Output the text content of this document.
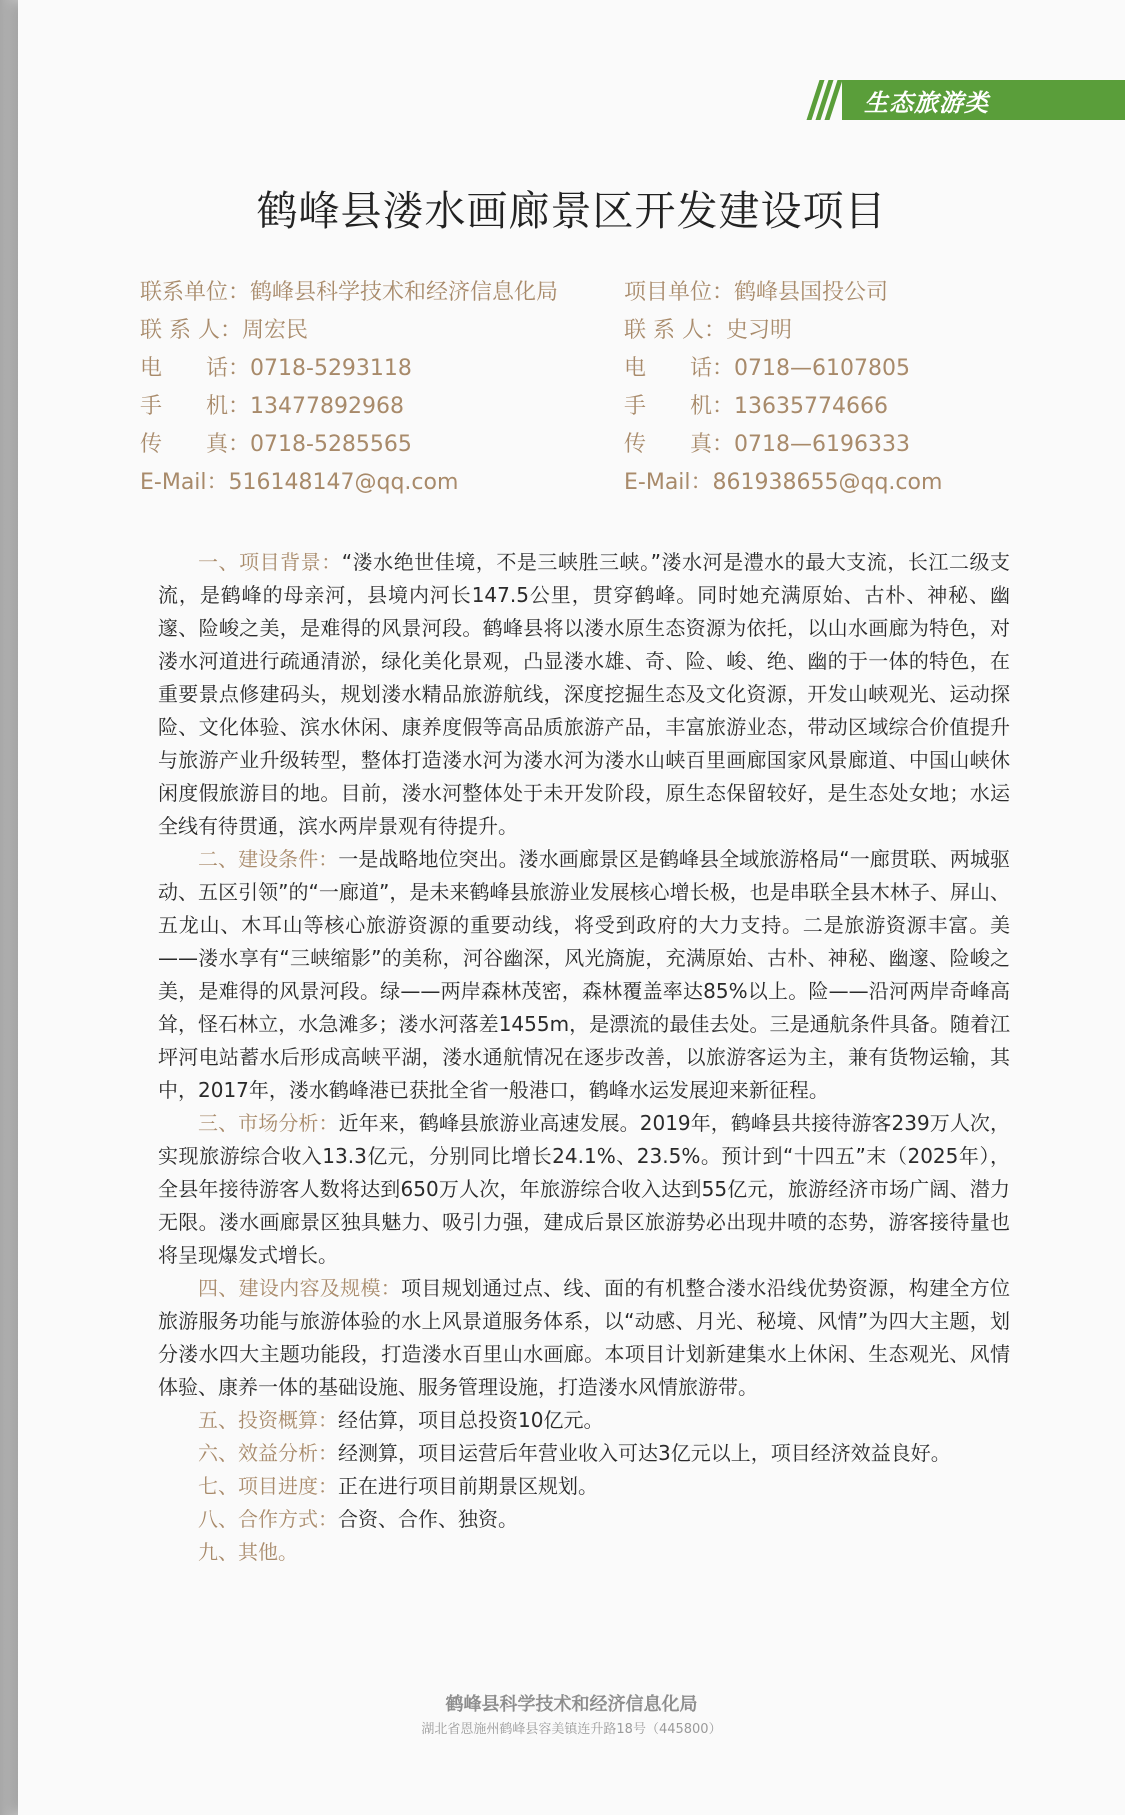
生态旅游类
鹤峰县溇水画廊景区开发建设项目
联系单位：鹤峰县科学技术和经济信息化局	项目单位：鹤峰县国投公司
联 系 人：周宏民	联 系 人：史习明
电　　话：0718-5293118	电　　话：0718—6107805
手　　机：13477892968	手　　机：13635774666
传　　真：0718-5285565	传　　真：0718—6196333
E-Mail：516148147@qq.com	E-Mail：861938655@qq.com

一、项目背景：“溇水绝世佳境，不是三峡胜三峡。”溇水河是澧水的最大支流，长江二级支流，是鹤峰的母亲河，县境内河长147.5公里，贯穿鹤峰。同时她充满原始、古朴、神秘、幽邃、险峻之美，是难得的风景河段。鹤峰县将以溇水原生态资源为依托，以山水画廊为特色，对溇水河道进行疏通清淤，绿化美化景观，凸显溇水雄、奇、险、峻、绝、幽的于一体的特色，在重要景点修建码头，规划溇水精品旅游航线，深度挖掘生态及文化资源，开发山峡观光、运动探险、文化体验、滨水休闲、康养度假等高品质旅游产品，丰富旅游业态，带动区域综合价值提升与旅游产业升级转型，整体打造溇水河为溇水河为溇水山峡百里画廊国家风景廊道、中国山峡休闲度假旅游目的地。目前，溇水河整体处于未开发阶段，原生态保留较好，是生态处女地；水运全线有待贯通，滨水两岸景观有待提升。

二、建设条件：一是战略地位突出。溇水画廊景区是鹤峰县全域旅游格局“一廊贯联、两城驱动、五区引领”的“一廊道”，是未来鹤峰县旅游业发展核心增长极，也是串联全县木林子、屏山、五龙山、木耳山等核心旅游资源的重要动线，将受到政府的大力支持。二是旅游资源丰富。美——溇水享有“三峡缩影”的美称，河谷幽深，风光旖旎，充满原始、古朴、神秘、幽邃、险峻之美，是难得的风景河段。绿——两岸森林茂密，森林覆盖率达85%以上。险——沿河两岸奇峰高耸，怪石林立，水急滩多；溇水河落差1455m，是漂流的最佳去处。三是通航条件具备。随着江坪河电站蓄水后形成高峡平湖，溇水通航情况在逐步改善，以旅游客运为主，兼有货物运输，其中，2017年，溇水鹤峰港已获批全省一般港口，鹤峰水运发展迎来新征程。

三、市场分析：近年来，鹤峰县旅游业高速发展。2019年，鹤峰县共接待游客239万人次，实现旅游综合收入13.3亿元，分别同比增长24.1%、23.5%。预计到“十四五”末（2025年），全县年接待游客人数将达到650万人次，年旅游综合收入达到55亿元，旅游经济市场广阔、潜力无限。溇水画廊景区独具魅力、吸引力强，建成后景区旅游势必出现井喷的态势，游客接待量也将呈现爆发式增长。

四、建设内容及规模：项目规划通过点、线、面的有机整合溇水沿线优势资源，构建全方位旅游服务功能与旅游体验的水上风景道服务体系，以“动感、月光、秘境、风情”为四大主题，划分溇水四大主题功能段，打造溇水百里山水画廊。本项目计划新建集水上休闲、生态观光、风情体验、康养一体的基础设施、服务管理设施，打造溇水风情旅游带。

五、投资概算：经估算，项目总投资10亿元。

六、效益分析：经测算，项目运营后年营业收入可达3亿元以上，项目经济效益良好。

七、项目进度：正在进行项目前期景区规划。

八、合作方式：合资、合作、独资。

九、其他。

鹤峰县科学技术和经济信息化局
湖北省恩施州鹤峰县容美镇连升路18号（445800）
